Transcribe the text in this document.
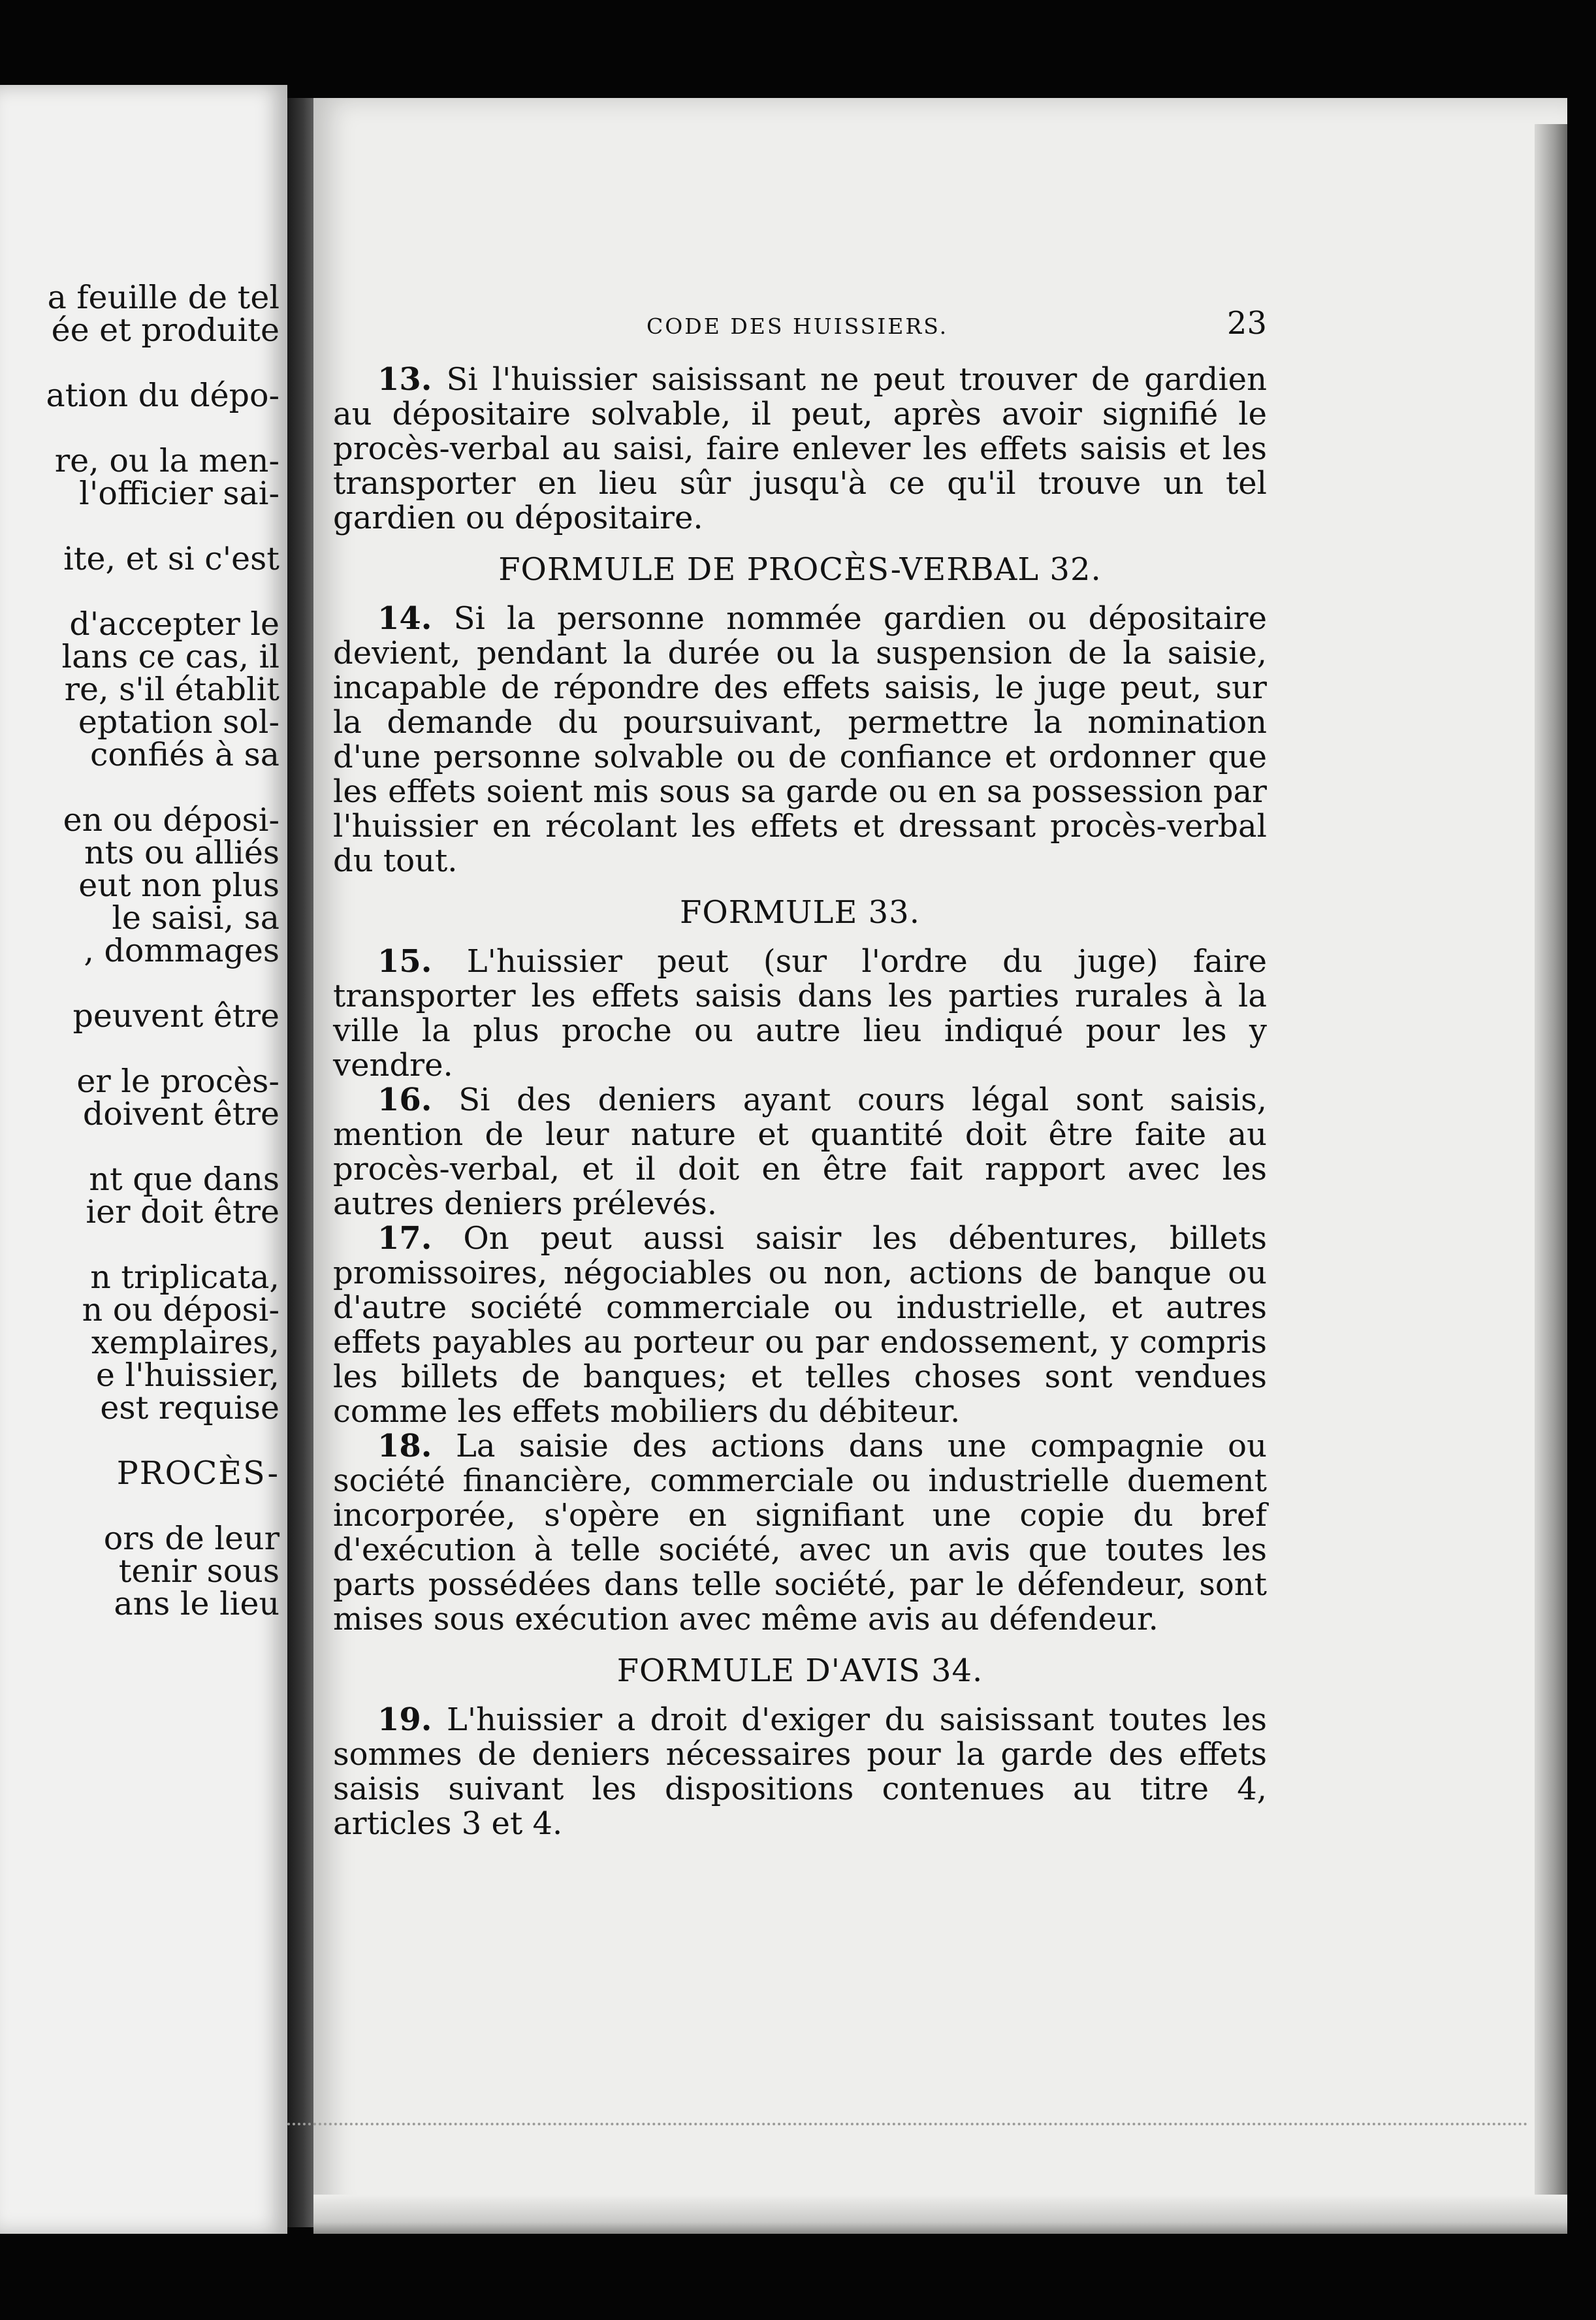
a feuille de tel
ée et produite
ation du dépo-
re, ou la men-
l'officier sai-
ite, et si c'est
d'accepter le
lans ce cas, il
re, s'il établit
eptation sol-
confiés à sa
en ou déposi-
nts ou alliés
eut non plus
le saisi, sa
, dommages
peuvent être
er le procès-
doivent être
nt que dans
ier doit être
n triplicata,
n ou déposi-
xemplaires,
e l'huissier,
est requise
PROCÈS-
ors de leur
tenir sous
ans le lieu
CODE DES HUISSIERS.	23

13. Si l'huissier saisissant ne peut trouver de gardien au dépositaire solvable, il peut, après avoir signifié le procès-verbal au saisi, faire enlever les effets saisis et les transporter en lieu sûr jusqu'à ce qu'il trouve un tel gardien ou dépositaire.

FORMULE DE PROCÈS-VERBAL 32.

14. Si la personne nommée gardien ou dépositaire devient, pendant la durée ou la suspension de la saisie, incapable de répondre des effets saisis, le juge peut, sur la demande du poursuivant, permettre la nomination d'une personne solvable ou de confiance et ordonner que les effets soient mis sous sa garde ou en sa possession par l'huissier en récolant les effets et dressant procès-verbal du tout.

FORMULE 33.

15. L'huissier peut (sur l'ordre du juge) faire transporter les effets saisis dans les parties rurales à la ville la plus proche ou autre lieu indiqué pour les y vendre.

16. Si des deniers ayant cours légal sont saisis, mention de leur nature et quantité doit être faite au procès-verbal, et il doit en être fait rapport avec les autres deniers prélevés.

17. On peut aussi saisir les débentures, billets promissoires, négociables ou non, actions de banque ou d'autre société commerciale ou industrielle, et autres effets payables au porteur ou par endossement, y compris les billets de banques; et telles choses sont vendues comme les effets mobiliers du débiteur.

18. La saisie des actions dans une compagnie ou société financière, commerciale ou industrielle duement incorporée, s'opère en signifiant une copie du bref d'exécution à telle société, avec un avis que toutes les parts possédées dans telle société, par le défendeur, sont mises sous exécution avec même avis au défendeur.

FORMULE D'AVIS 34.

19. L'huissier a droit d'exiger du saisissant toutes les sommes de deniers nécessaires pour la garde des effets saisis suivant les dispositions contenues au titre 4, articles 3 et 4.
